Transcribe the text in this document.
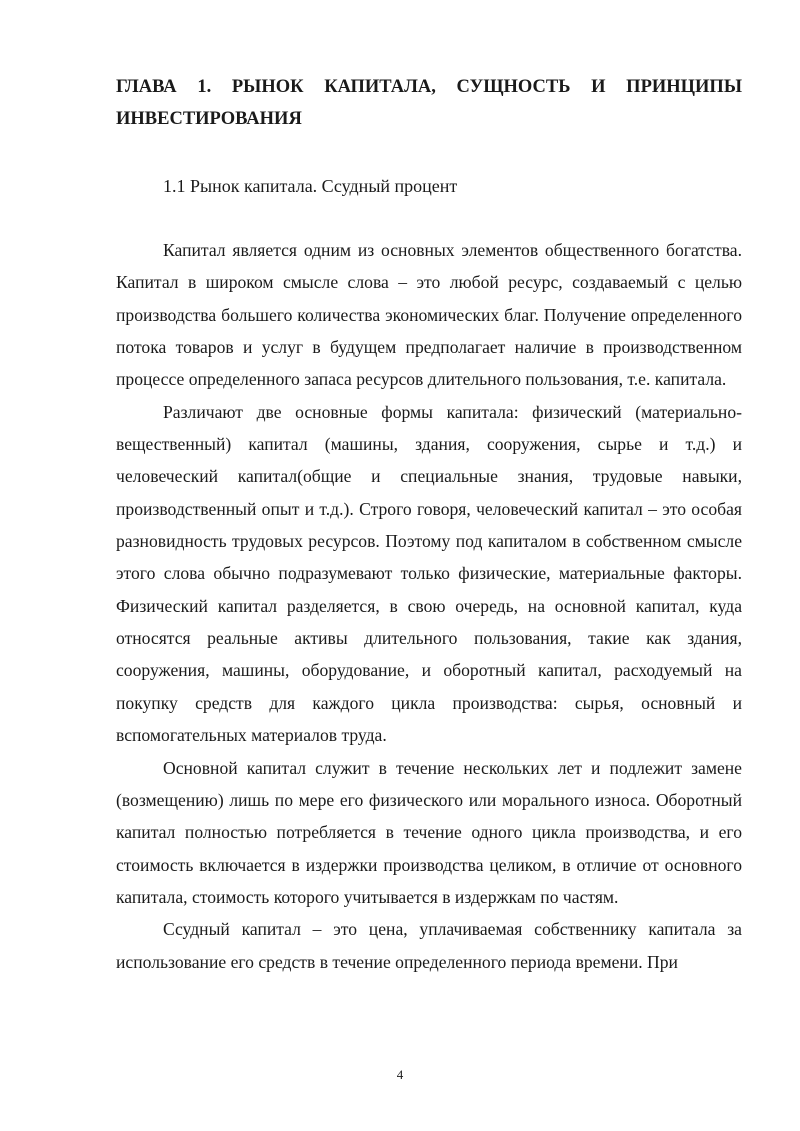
ГЛАВА 1. РЫНОК КАПИТАЛА, СУЩНОСТЬ И ПРИНЦИПЫ ИНВЕСТИРОВАНИЯ
1.1 Рынок капитала. Ссудный процент

Капитал является одним из основных элементов общественного богатства. Капитал в широком смысле слова – это любой ресурс, создаваемый с целью производства большего количества экономических благ. Получение определенного потока товаров и услуг в будущем предполагает наличие в производственном процессе определенного запаса ресурсов длительного пользования, т.е. капитала.

Различают две основные формы капитала: физический (материально-вещественный) капитал (машины, здания, сооружения, сырье и т.д.) и человеческий капитал(общие и специальные знания, трудовые навыки, производственный опыт и т.д.). Строго говоря, человеческий капитал – это особая разновидность трудовых ресурсов. Поэтому под капиталом в собственном смысле этого слова обычно подразумевают только физические, материальные факторы. Физический капитал разделяется, в свою очередь, на основной капитал, куда относятся реальные активы длительного пользования, такие как здания, сооружения, машины, оборудование, и оборотный капитал, расходуемый на покупку средств для каждого цикла производства: сырья, основный и вспомогательных материалов труда.

Основной капитал служит в течение нескольких лет и подлежит замене (возмещению) лишь по мере его физического или морального износа. Оборотный капитал полностью потребляется в течение одного цикла производства, и его стоимость включается в издержки производства целиком, в отличие от основного капитала, стоимость которого учитывается в издержкам по частям.

Ссудный капитал – это цена, уплачиваемая собственнику капитала за использование его средств в течение определенного периода времени. При

4
